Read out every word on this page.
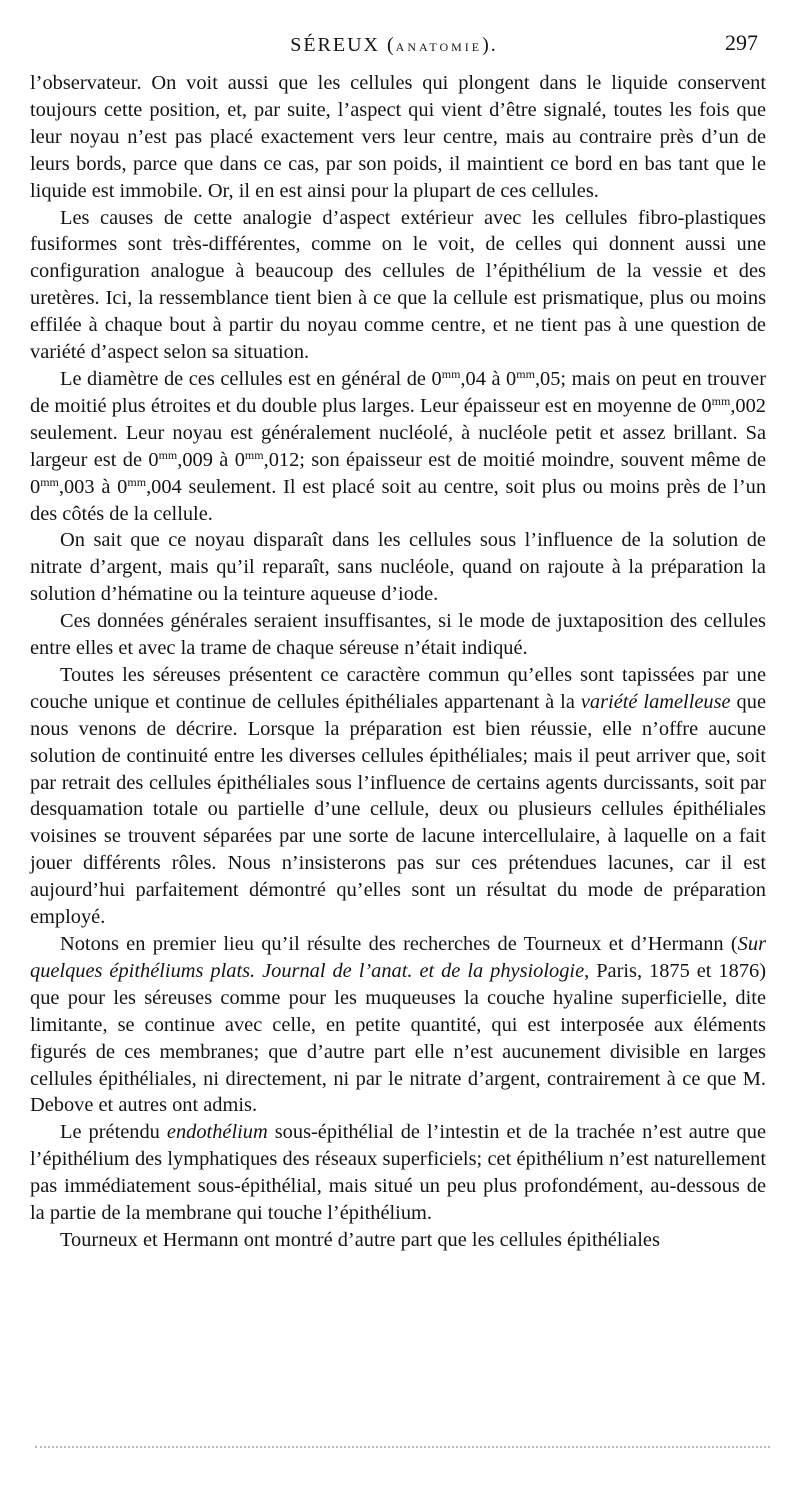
SÉREUX (ANATOMIE).	297

l’observateur. On voit aussi que les cellules qui plongent dans le liquide conservent toujours cette position, et, par suite, l’aspect qui vient d’être signalé, toutes les fois que leur noyau n’est pas placé exactement vers leur centre, mais au contraire près d’un de leurs bords, parce que dans ce cas, par son poids, il maintient ce bord en bas tant que le liquide est immobile. Or, il en est ainsi pour la plupart de ces cellules.

Les causes de cette analogie d’aspect extérieur avec les cellules fibro-plastiques fusiformes sont très-différentes, comme on le voit, de celles qui donnent aussi une configuration analogue à beaucoup des cellules de l’épithélium de la vessie et des uretères. Ici, la ressemblance tient bien à ce que la cellule est prismatique, plus ou moins effilée à chaque bout à partir du noyau comme centre, et ne tient pas à une question de variété d’aspect selon sa situation.

Le diamètre de ces cellules est en général de $0^{mm},04$ à $0^{mm},05$; mais on peut en trouver de moitié plus étroites et du double plus larges. Leur épaisseur est en moyenne de $0^{mm},002$ seulement. Leur noyau est généralement nucléolé, à nucléole petit et assez brillant. Sa largeur est de $0^{mm},009$ à $0^{mm},012$; son épaisseur est de moitié moindre, souvent même de $0^{mm},003$ à $0^{mm},004$ seulement. Il est placé soit au centre, soit plus ou moins près de l’un des côtés de la cellule.

On sait que ce noyau disparaît dans les cellules sous l’influence de la solution de nitrate d’argent, mais qu’il reparaît, sans nucléole, quand on rajoute à la préparation la solution d’hématine ou la teinture aqueuse d’iode.

Ces données générales seraient insuffisantes, si le mode de juxtaposition des cellules entre elles et avec la trame de chaque séreuse n’était indiqué.

Toutes les séreuses présentent ce caractère commun qu’elles sont tapissées par une couche unique et continue de cellules épithéliales appartenant à la variété lamelleuse que nous venons de décrire. Lorsque la préparation est bien réussie, elle n’offre aucune solution de continuité entre les diverses cellules épithéliales; mais il peut arriver que, soit par retrait des cellules épithéliales sous l’influence de certains agents durcissants, soit par desquamation totale ou partielle d’une cellule, deux ou plusieurs cellules épithéliales voisines se trouvent séparées par une sorte de lacune intercellulaire, à laquelle on a fait jouer différents rôles. Nous n’insisterons pas sur ces prétendues lacunes, car il est aujourd’hui parfaitement démontré qu’elles sont un résultat du mode de préparation employé.

Notons en premier lieu qu’il résulte des recherches de Tourneux et d’Hermann (Sur quelques épithéliums plats. Journal de l’anat. et de la physiologie, Paris, 1875 et 1876) que pour les séreuses comme pour les muqueuses la couche hyaline superficielle, dite limitante, se continue avec celle, en petite quantité, qui est interposée aux éléments figurés de ces membranes; que d’autre part elle n’est aucunement divisible en larges cellules épithéliales, ni directement, ni par le nitrate d’argent, contrairement à ce que M. Debove et autres ont admis.

Le prétendu endothélium sous-épithélial de l’intestin et de la trachée n’est autre que l’épithélium des lymphatiques des réseaux superficiels; cet épithélium n’est naturellement pas immédiatement sous-épithélial, mais situé un peu plus profondément, au-dessous de la partie de la membrane qui touche l’épithélium.

Tourneux et Hermann ont montré d’autre part que les cellules épithéliales
